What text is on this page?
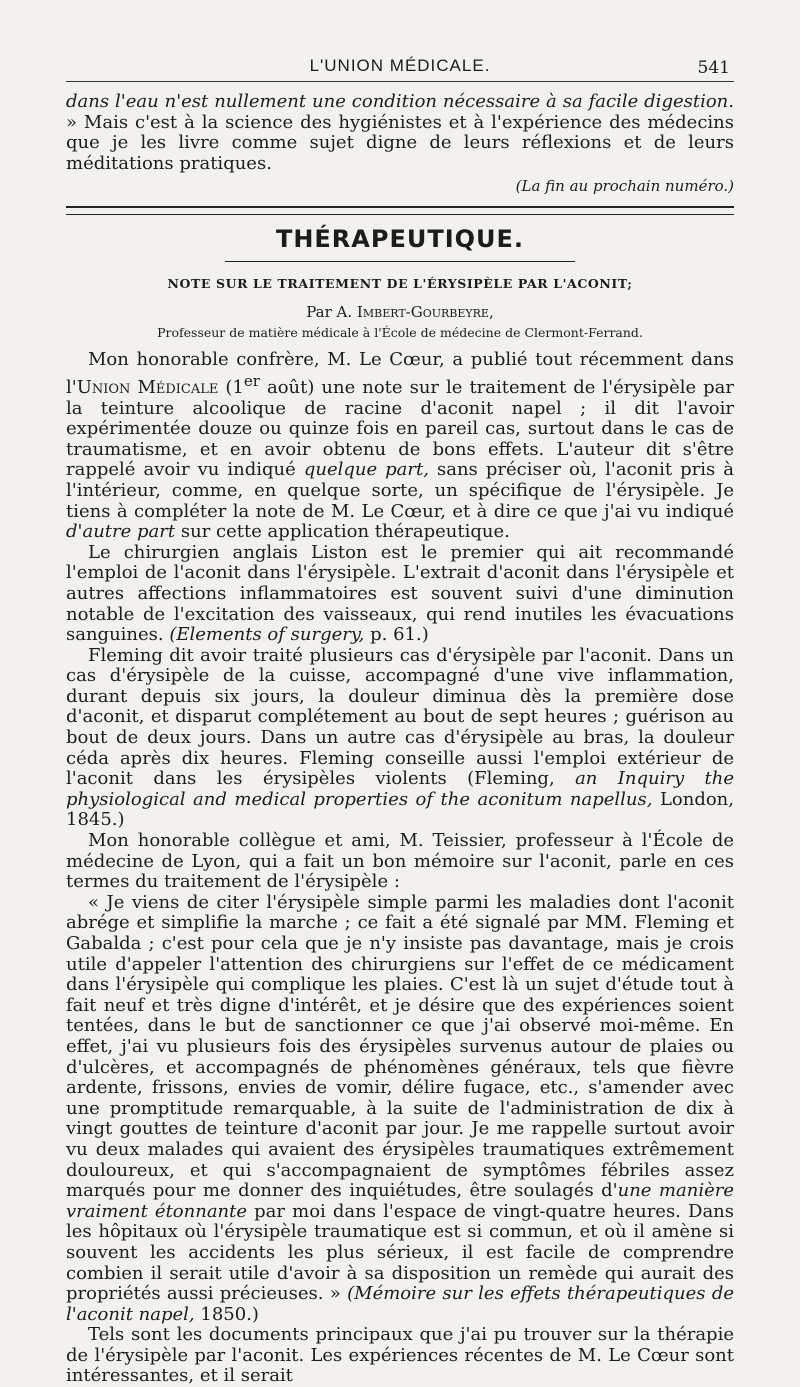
L'UNION MÉDICALE.	541

dans l'eau n'est nullement une condition nécessaire à sa facile digestion. » Mais c'est à la science des hygiénistes et à l'expérience des médecins que je les livre comme sujet digne de leurs réflexions et de leurs méditations pratiques.

(La fin au prochain numéro.)

THÉRAPEUTIQUE.
NOTE SUR LE TRAITEMENT DE L'ÉRYSIPÈLE PAR L'ACONIT;
Par A. Imbert-Gourbeyre,
Professeur de matière médicale à l'École de médecine de Clermont-Ferrand.

Mon honorable confrère, M. Le Cœur, a publié tout récemment dans l'Union Médicale (1er août) une note sur le traitement de l'érysipèle par la teinture alcoolique de racine d'aconit napel ; il dit l'avoir expérimentée douze ou quinze fois en pareil cas, surtout dans le cas de traumatisme, et en avoir obtenu de bons effets. L'auteur dit s'être rappelé avoir vu indiqué quelque part, sans préciser où, l'aconit pris à l'intérieur, comme, en quelque sorte, un spécifique de l'érysipèle. Je tiens à compléter la note de M. Le Cœur, et à dire ce que j'ai vu indiqué d'autre part sur cette application thérapeutique.

Le chirurgien anglais Liston est le premier qui ait recommandé l'emploi de l'aconit dans l'érysipèle. L'extrait d'aconit dans l'érysipèle et autres affections inflammatoires est souvent suivi d'une diminution notable de l'excitation des vaisseaux, qui rend inutiles les évacuations sanguines. (Elements of surgery, p. 61.)

Fleming dit avoir traité plusieurs cas d'érysipèle par l'aconit. Dans un cas d'érysipèle de la cuisse, accompagné d'une vive inflammation, durant depuis six jours, la douleur diminua dès la première dose d'aconit, et disparut complétement au bout de sept heures ; guérison au bout de deux jours. Dans un autre cas d'érysipèle au bras, la douleur céda après dix heures. Fleming conseille aussi l'emploi extérieur de l'aconit dans les érysipèles violents (Fleming, an Inquiry the physiological and medical properties of the aconitum napellus, London, 1845.)

Mon honorable collègue et ami, M. Teissier, professeur à l'École de médecine de Lyon, qui a fait un bon mémoire sur l'aconit, parle en ces termes du traitement de l'érysipèle :

« Je viens de citer l'érysipèle simple parmi les maladies dont l'aconit abrége et simplifie la marche ; ce fait a été signalé par MM. Fleming et Gabalda ; c'est pour cela que je n'y insiste pas davantage, mais je crois utile d'appeler l'attention des chirurgiens sur l'effet de ce médicament dans l'érysipèle qui complique les plaies. C'est là un sujet d'étude tout à fait neuf et très digne d'intérêt, et je désire que des expériences soient tentées, dans le but de sanctionner ce que j'ai observé moi-même. En effet, j'ai vu plusieurs fois des érysipèles survenus autour de plaies ou d'ulcères, et accompagnés de phénomènes généraux, tels que fièvre ardente, frissons, envies de vomir, délire fugace, etc., s'amender avec une promptitude remarquable, à la suite de l'administration de dix à vingt gouttes de teinture d'aconit par jour. Je me rappelle surtout avoir vu deux malades qui avaient des érysipèles traumatiques extrêmement douloureux, et qui s'accompagnaient de symptômes fébriles assez marqués pour me donner des inquiétudes, être soulagés d'une manière vraiment étonnante par moi dans l'espace de vingt-quatre heures. Dans les hôpitaux où l'érysipèle traumatique est si commun, et où il amène si souvent les accidents les plus sérieux, il est facile de comprendre combien il serait utile d'avoir à sa disposition un remède qui aurait des propriétés aussi précieuses. » (Mémoire sur les effets thérapeutiques de l'aconit napel, 1850.)

Tels sont les documents principaux que j'ai pu trouver sur la thérapie de l'érysipèle par l'aconit. Les expériences récentes de M. Le Cœur sont intéressantes, et il serait
